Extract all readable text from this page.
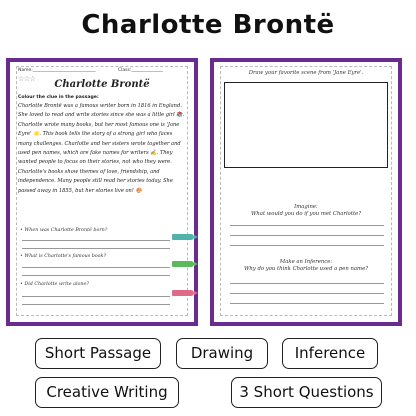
Charlotte Brontë
Name:____________________________	Class:______________
☆☆☆	Charlotte Brontë
Colour the clue in the passage:
Charlotte Brontë was a famous writer born in 1816 in England.
She loved to read and write stories since she was a little girl 📚.
Charlotte wrote many books, but her most famous one is 'Jane
Eyre' 🌟. This book tells the story of a strong girl who faces
many challenges. Charlotte and her sisters wrote together and
used pen names, which are fake names for writers ✍️. They
wanted people to focus on their stories, not who they were.
Charlotte's books show themes of love, friendship, and
independence. Many people still read her stories today. She
passed away in 1855, but her stories live on! 🎨
• When was Charlotte Brontë born?
• What is Charlotte's famous book?
• Did Charlotte write alone?
Draw your favorite scene from 'Jane Eyre'.
Imagine:
What would you do if you met Charlotte?
Make an Inference:
Why do you think Charlotte used a pen name?
Short Passage	Drawing	Inference
Creative Writing	3 Short Questions
